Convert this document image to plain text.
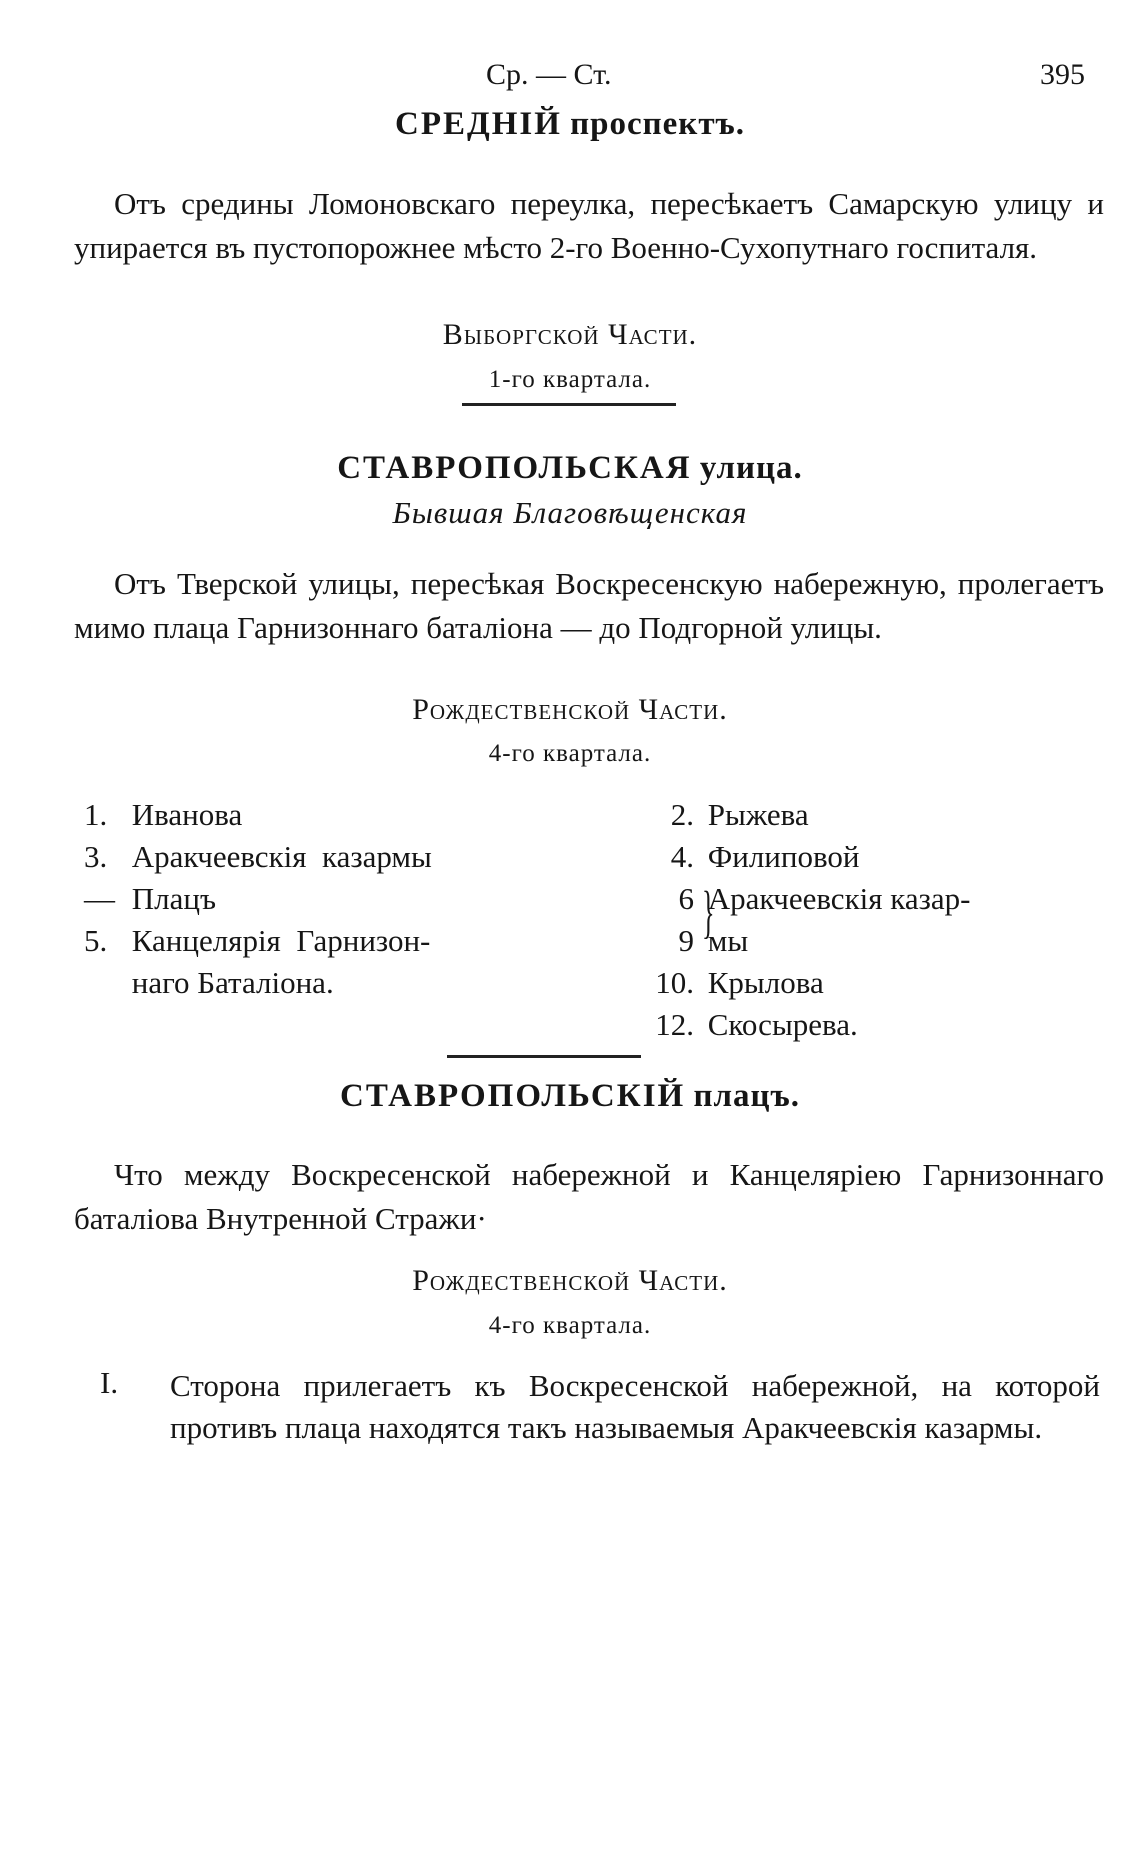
Ср. — Ст.	395
СРЕДНІЙ проспектъ.
Отъ средины Ломоновскаго переулка, пересѣкаетъ Самарскую улицу и упирается въ пустопорожнее мѣсто 2-го Военно-Сухопутнаго госпиталя.
Выборгской Части.
1-го квартала.
СТАВРОПОЛЬСКАЯ улица.
Бывшая Благовѣщенская
Отъ Тверской улицы, пересѣкая Воскресенскую набережную, пролегаетъ мимо плаца Гарнизоннаго баталіона — до Подгорной улицы.
Рождественской Части.
4-го квартала.
1. Иванова
3. Аракчеевскія  казармы
— Плацъ
5. Канцелярія  Гарнизон-
наго Баталіона.
2. Рыжева
4. Филиповой
6 Аракчеевскія казар-
9 мы
}
10. Крылова
12. Скосырева.
СТАВРОПОЛЬСКІЙ плацъ.
Что между Воскресенской набережной и Канцеляріею Гарнизоннаго баталіова Внутренной Стражи·
Рождественской Части.
4-го квартала.
I. Сторона прилегаетъ къ Воскресенской набережной, на которой противъ плаца находятся такъ называемыя Аракчеевскія казармы.
